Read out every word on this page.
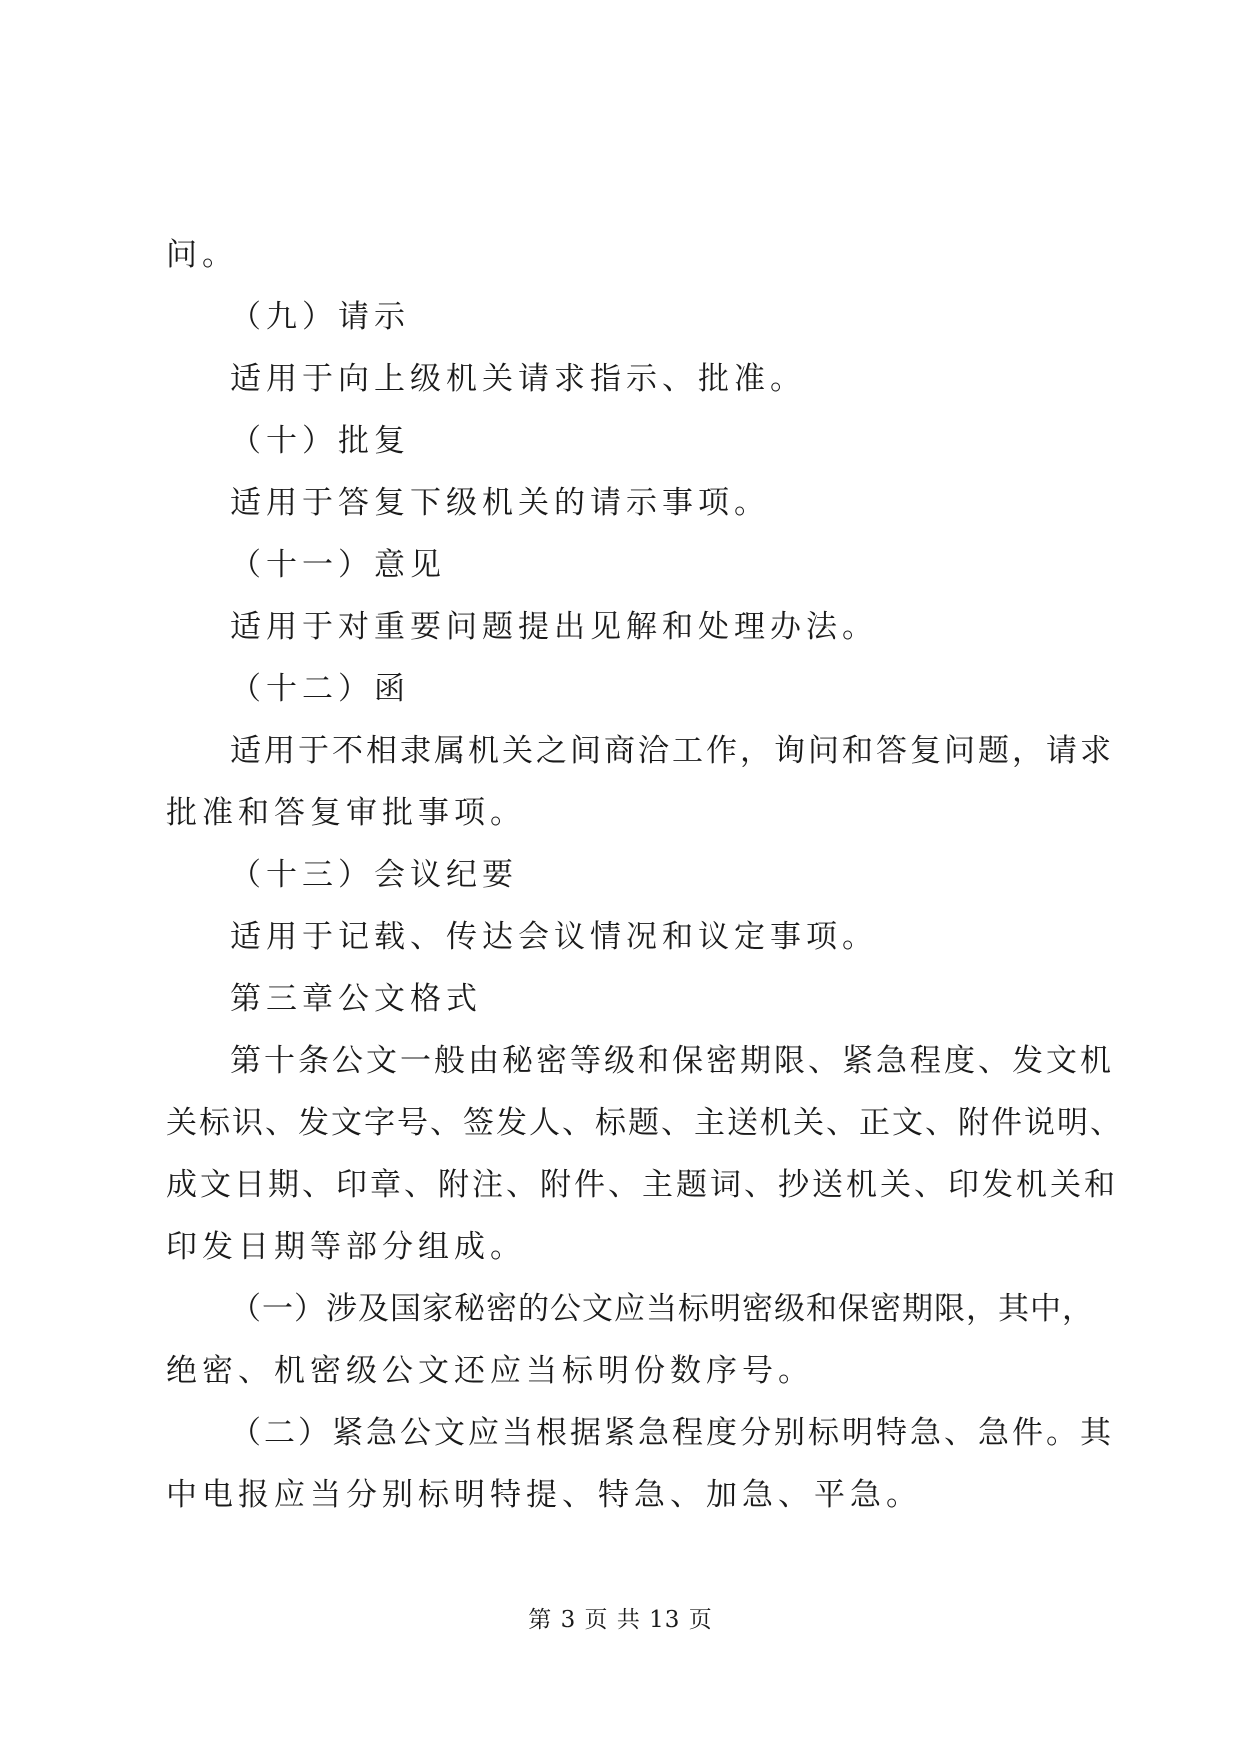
问。
（九）请示
适用于向上级机关请求指示、批准。
（十）批复
适用于答复下级机关的请示事项。
（十一）意见
适用于对重要问题提出见解和处理办法。
（十二）函
适用于不相隶属机关之间商洽工作，询问和答复问题，请求
批准和答复审批事项。
（十三）会议纪要
适用于记载、传达会议情况和议定事项。
第三章公文格式
第十条公文一般由秘密等级和保密期限、紧急程度、发文机
关标识、发文字号、签发人、标题、主送机关、正文、附件说明、
成文日期、印章、附注、附件、主题词、抄送机关、印发机关和
印发日期等部分组成。
（一）涉及国家秘密的公文应当标明密级和保密期限，其中，
绝密、机密级公文还应当标明份数序号。
（二）紧急公文应当根据紧急程度分别标明特急、急件。其
中电报应当分别标明特提、特急、加急、平急。
第 3 页 共 13 页
